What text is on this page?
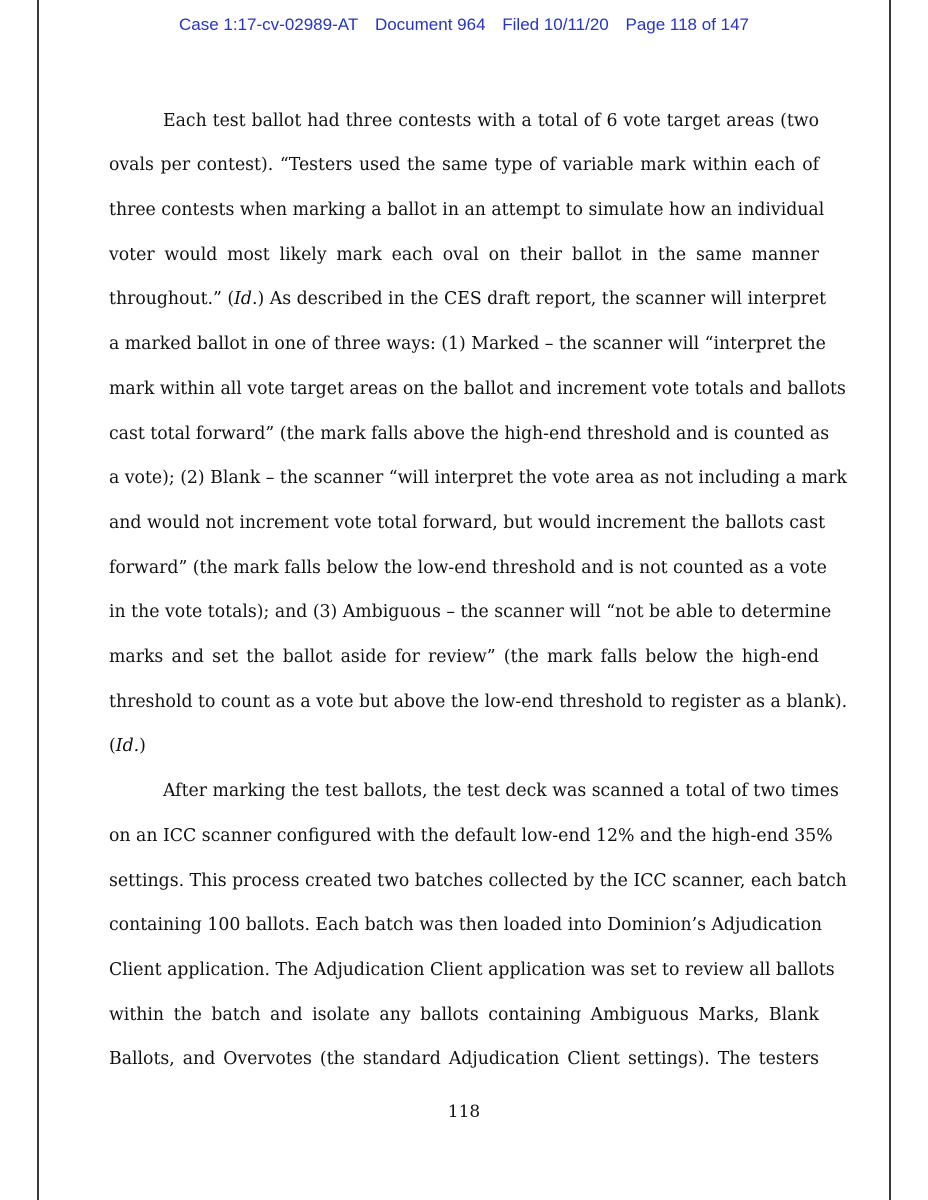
Case 1:17-cv-02989-AT Document 964 Filed 10/11/20 Page 118 of 147
Each test ballot had three contests with a total of 6 vote target areas (two
ovals per contest). “Testers used the same type of variable mark within each of
three contests when marking a ballot in an attempt to simulate how an individual
voter would most likely mark each oval on their ballot in the same manner
throughout.” (Id.) As described in the CES draft report, the scanner will interpret
a marked ballot in one of three ways: (1) Marked – the scanner will “interpret the
mark within all vote target areas on the ballot and increment vote totals and ballots
cast total forward” (the mark falls above the high-end threshold and is counted as
a vote); (2) Blank – the scanner “will interpret the vote area as not including a mark
and would not increment vote total forward, but would increment the ballots cast
forward” (the mark falls below the low-end threshold and is not counted as a vote
in the vote totals); and (3) Ambiguous – the scanner will “not be able to determine
marks and set the ballot aside for review” (the mark falls below the high-end
threshold to count as a vote but above the low-end threshold to register as a blank).
(Id.)
After marking the test ballots, the test deck was scanned a total of two times
on an ICC scanner configured with the default low-end 12% and the high-end 35%
settings. This process created two batches collected by the ICC scanner, each batch
containing 100 ballots. Each batch was then loaded into Dominion’s Adjudication
Client application. The Adjudication Client application was set to review all ballots
within the batch and isolate any ballots containing Ambiguous Marks, Blank
Ballots, and Overvotes (the standard Adjudication Client settings). The testers
118
